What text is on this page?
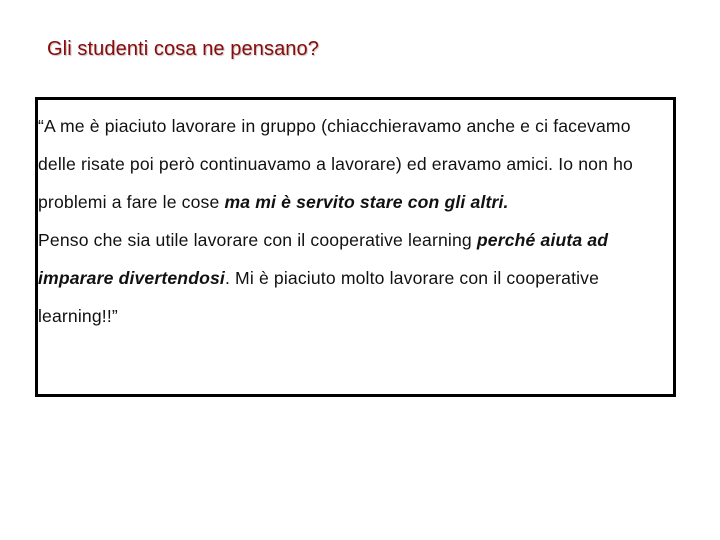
Gli studenti cosa ne pensano?

“A me è piaciuto lavorare in gruppo (chiacchieravamo anche e ci facevamo delle risate poi però continuavamo a lavorare) ed eravamo amici. Io non ho problemi a fare le cose ma mi è servito stare con gli altri.
Penso che sia utile lavorare con il cooperative learning perché aiuta ad imparare divertendosi. Mi è piaciuto molto lavorare con il cooperative learning!!”
